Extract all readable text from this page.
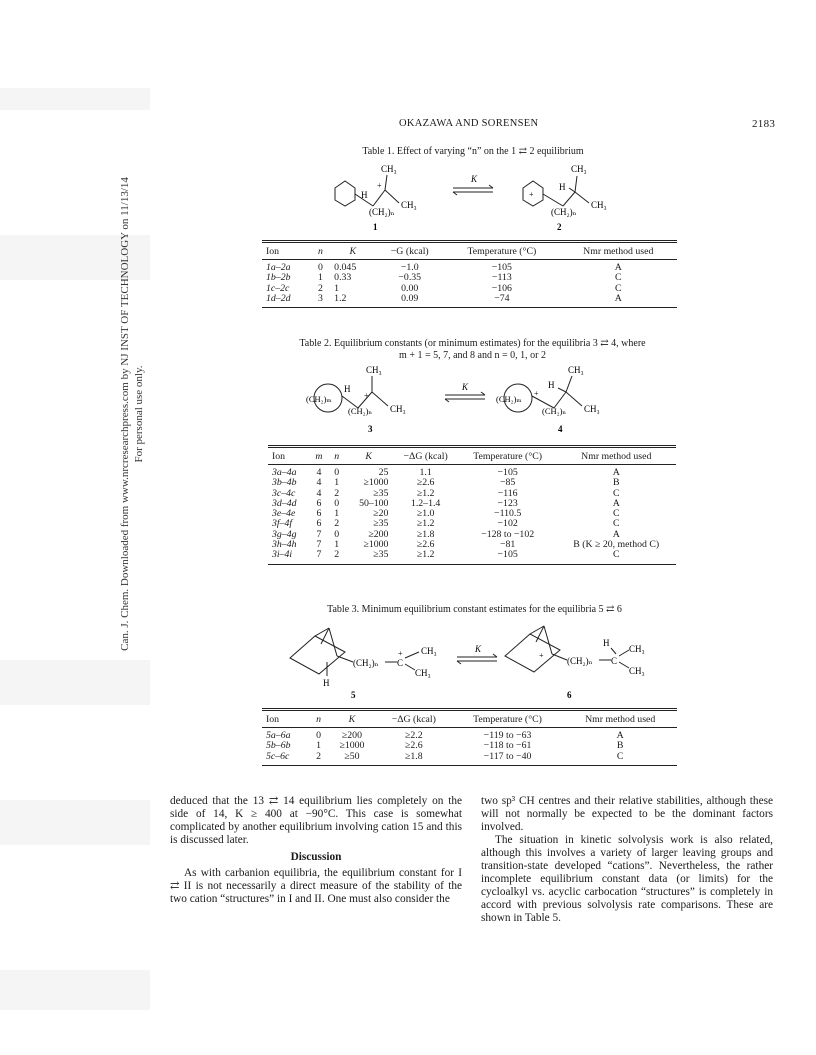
Can. J. Chem. Downloaded from www.nrcresearchpress.com by NJ INST OF TECHNOLOGY on 11/13/14 For personal use only.
OKAZAWA AND SORENSEN	2183
Table 1. Effect of varying “n” on the 1 ⇄ 2 equilibrium
H
+
CH₃
CH₃
(CH₂)ₙ
1
K
+
H
CH₃
CH₃
(CH₂)ₙ
2
Ion	n	K	−G (kcal)	Temperature (°C)	Nmr method used
1a–2a	0	0.045	−1.0	−105	A
1b–2b	1	0.33	−0.35	−113	C
1c–2c	2	1	0.00	−106	C
1d–2d	3	1.2	0.09	−74	A
Table 2. Equilibrium constants (or minimum estimates) for the equilibria 3 ⇄ 4, where
m + 1 = 5, 7, and 8 and n = 0, 1, or 2
(CH₂)ₘ
H
+
CH₃
CH₃
(CH₂)ₙ
3
K
(CH₂)ₘ
+
H
CH₃
CH₃
(CH₂)ₙ
4
Ion	m	n	K	−ΔG (kcal)	Temperature (°C)	Nmr method used
3a–4a	4	0	25	1.1	−105	A
3b–4b	4	1	≥1000	≥2.6	−85	B
3c–4c	4	2	≥35	≥1.2	−116	C
3d–4d	6	0	50–100	1.2–1.4	−123	A
3e–4e	6	1	≥20	≥1.0	−110.5	C
3f–4f	6	2	≥35	≥1.2	−102	C
3g–4g	7	0	≥200	≥1.8	−128 to −102	A
3h–4h	7	1	≥1000	≥2.6	−81	B (K ≥ 20, method C)
3i–4i	7	2	≥35	≥1.2	−105	C
Table 3. Minimum equilibrium constant estimates for the equilibria 5 ⇄ 6
H
(CH₂)ₙ C
+ CH₃
CH₃
5
K
+
(CH₂)ₙ C
H
CH₃
CH₃
6
Ion	n	K	−ΔG (kcal)	Temperature (°C)	Nmr method used
5a–6a	0	≥200	≥2.2	−119 to −63	A
5b–6b	1	≥1000	≥2.6	−118 to −61	B
5c–6c	2	≥50	≥1.8	−117 to −40	C

deduced that the 13 ⇄ 14 equilibrium lies completely on the side of 14, K ≥ 400 at −90°C. This case is somewhat complicated by another equilibrium involving cation 15 and this is discussed later.

Discussion

As with carbanion equilibria, the equilibrium constant for I ⇄ II is not necessarily a direct measure of the stability of the two cation “structures” in I and II. One must also consider the

two sp³ CH centres and their relative stabilities, although these will not normally be expected to be the dominant factors involved.

The situation in kinetic solvolysis work is also related, although this involves a variety of larger leaving groups and transition-state developed “cations”. Nevertheless, the rather incomplete equilibrium constant data (or limits) for the cycloalkyl vs. acyclic carbocation “structures” is completely in accord with previous solvolysis rate comparisons. These are shown in Table 5.
